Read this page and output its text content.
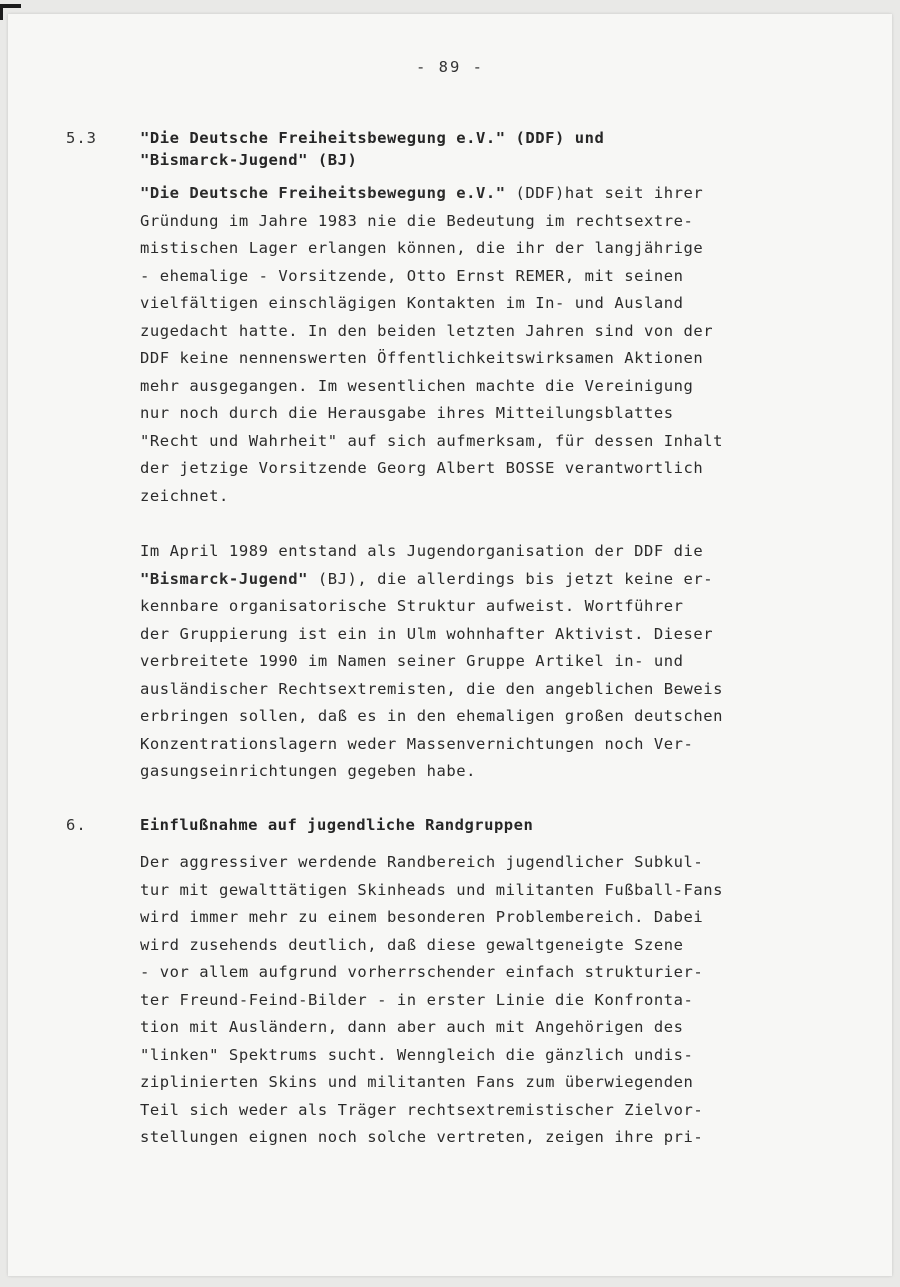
- 89 -
5.3	"Die Deutsche Freiheitsbewegung e.V." (DDF) und
"Bismarck-Jugend" (BJ)
"Die Deutsche Freiheitsbewegung e.V." (DDF)hat seit ihrer
Gründung im Jahre 1983 nie die Bedeutung im rechtsextre-
mistischen Lager erlangen können, die ihr der langjährige
- ehemalige - Vorsitzende, Otto Ernst REMER, mit seinen
vielfältigen einschlägigen Kontakten im In- und Ausland
zugedacht hatte. In den beiden letzten Jahren sind von der
DDF keine nennenswerten Öffentlichkeitswirksamen Aktionen
mehr ausgegangen. Im wesentlichen machte die Vereinigung
nur noch durch die Herausgabe ihres Mitteilungsblattes
"Recht und Wahrheit" auf sich aufmerksam, für dessen Inhalt
der jetzige Vorsitzende Georg Albert BOSSE verantwortlich
zeichnet.
Im April 1989 entstand als Jugendorganisation der DDF die
"Bismarck-Jugend" (BJ), die allerdings bis jetzt keine er-
kennbare organisatorische Struktur aufweist. Wortführer
der Gruppierung ist ein in Ulm wohnhafter Aktivist. Dieser
verbreitete 1990 im Namen seiner Gruppe Artikel in- und
ausländischer Rechtsextremisten, die den angeblichen Beweis
erbringen sollen, daß es in den ehemaligen großen deutschen
Konzentrationslagern weder Massenvernichtungen noch Ver-
gasungseinrichtungen gegeben habe.
6.	Einflußnahme auf jugendliche Randgruppen
Der aggressiver werdende Randbereich jugendlicher Subkul-
tur mit gewalttätigen Skinheads und militanten Fußball-Fans
wird immer mehr zu einem besonderen Problembereich. Dabei
wird zusehends deutlich, daß diese gewaltgeneigte Szene
- vor allem aufgrund vorherrschender einfach strukturier-
ter Freund-Feind-Bilder - in erster Linie die Konfronta-
tion mit Ausländern, dann aber auch mit Angehörigen des
"linken" Spektrums sucht. Wenngleich die gänzlich undis-
ziplinierten Skins und militanten Fans zum überwiegenden
Teil sich weder als Träger rechtsextremistischer Zielvor-
stellungen eignen noch solche vertreten, zeigen ihre pri-
